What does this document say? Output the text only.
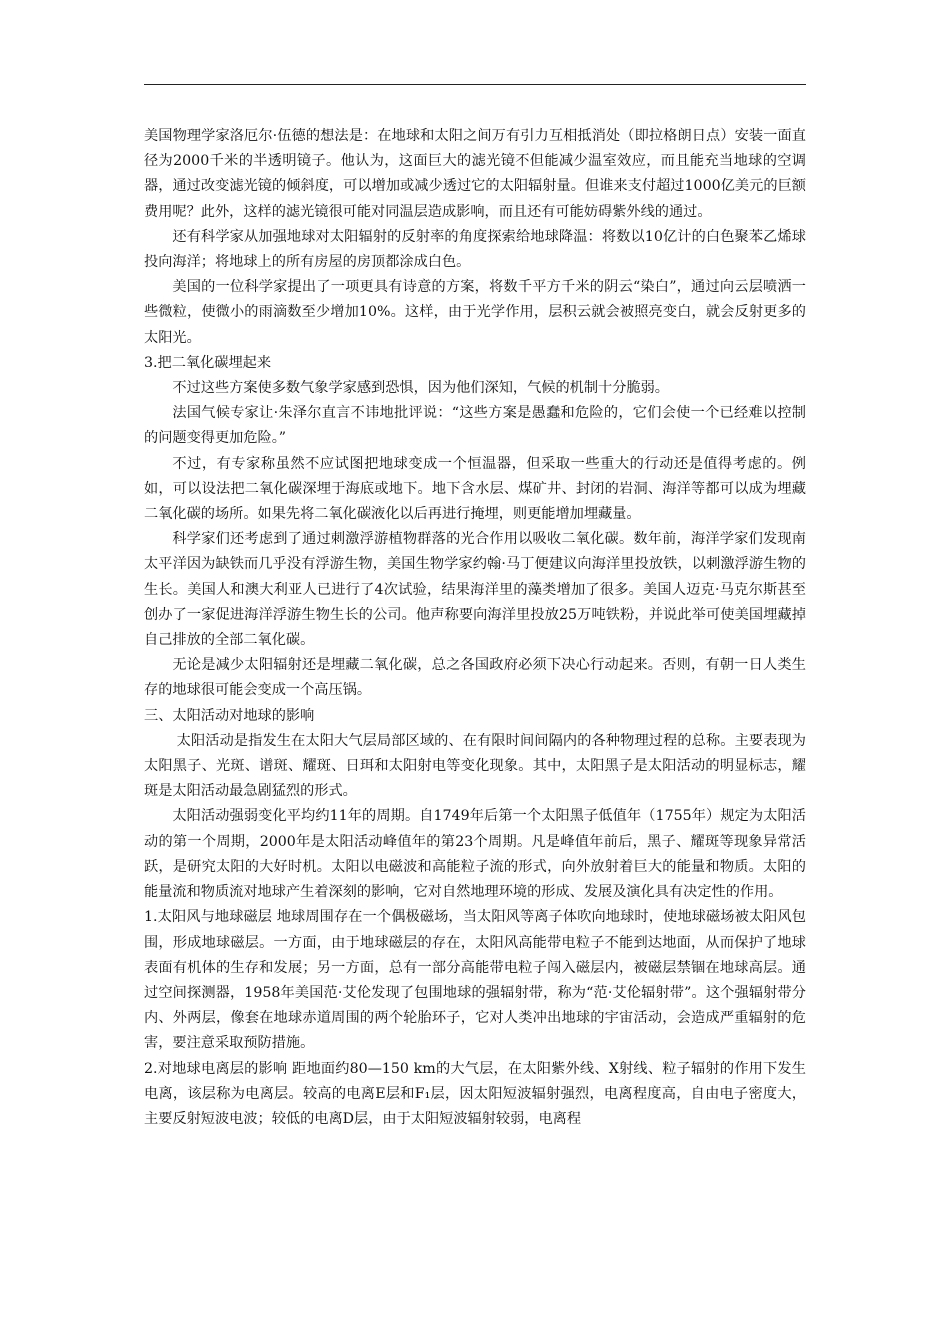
美国物理学家洛厄尔·伍德的想法是：在地球和太阳之间万有引力互相抵消处（即拉格朗日点）安装一面直径为2000千米的半透明镜子。他认为，这面巨大的滤光镜不但能减少温室效应，而且能充当地球的空调器，通过改变滤光镜的倾斜度，可以增加或减少透过它的太阳辐射量。但谁来支付超过1000亿美元的巨额费用呢？此外，这样的滤光镜很可能对同温层造成影响，而且还有可能妨碍紫外线的通过。

还有科学家从加强地球对太阳辐射的反射率的角度探索给地球降温：将数以10亿计的白色聚苯乙烯球投向海洋；将地球上的所有房屋的房顶都涂成白色。

美国的一位科学家提出了一项更具有诗意的方案，将数千平方千米的阴云“染白”，通过向云层喷洒一些微粒，使微小的雨滴数至少增加10%。这样，由于光学作用，层积云就会被照亮变白，就会反射更多的太阳光。

3.把二氧化碳埋起来

不过这些方案使多数气象学家感到恐惧，因为他们深知，气候的机制十分脆弱。

法国气候专家让·朱泽尔直言不讳地批评说：“这些方案是愚蠢和危险的，它们会使一个已经难以控制的问题变得更加危险。”

不过，有专家称虽然不应试图把地球变成一个恒温器，但采取一些重大的行动还是值得考虑的。例如，可以设法把二氧化碳深埋于海底或地下。地下含水层、煤矿井、封闭的岩洞、海洋等都可以成为埋藏二氧化碳的场所。如果先将二氧化碳液化以后再进行掩埋，则更能增加埋藏量。

科学家们还考虑到了通过刺激浮游植物群落的光合作用以吸收二氧化碳。数年前，海洋学家们发现南太平洋因为缺铁而几乎没有浮游生物，美国生物学家约翰·马丁便建议向海洋里投放铁，以刺激浮游生物的生长。美国人和澳大利亚人已进行了4次试验，结果海洋里的藻类增加了很多。美国人迈克·马克尔斯甚至创办了一家促进海洋浮游生物生长的公司。他声称要向海洋里投放25万吨铁粉，并说此举可使美国埋藏掉自己排放的全部二氧化碳。

无论是减少太阳辐射还是埋藏二氧化碳，总之各国政府必须下决心行动起来。否则，有朝一日人类生存的地球很可能会变成一个高压锅。

三、太阳活动对地球的影响

太阳活动是指发生在太阳大气层局部区域的、在有限时间间隔内的各种物理过程的总称。主要表现为太阳黑子、光斑、谱斑、耀斑、日珥和太阳射电等变化现象。其中，太阳黑子是太阳活动的明显标志，耀斑是太阳活动最急剧猛烈的形式。

太阳活动强弱变化平均约11年的周期。自1749年后第一个太阳黑子低值年（1755年）规定为太阳活动的第一个周期，2000年是太阳活动峰值年的第23个周期。凡是峰值年前后，黑子、耀斑等现象异常活跃，是研究太阳的大好时机。太阳以电磁波和高能粒子流的形式，向外放射着巨大的能量和物质。太阳的能量流和物质流对地球产生着深刻的影响，它对自然地理环境的形成、发展及演化具有决定性的作用。

1.太阳风与地球磁层 地球周围存在一个偶极磁场，当太阳风等离子体吹向地球时，使地球磁场被太阳风包围，形成地球磁层。一方面，由于地球磁层的存在，太阳风高能带电粒子不能到达地面，从而保护了地球表面有机体的生存和发展；另一方面，总有一部分高能带电粒子闯入磁层内，被磁层禁锢在地球高层。通过空间探测器，1958年美国范·艾伦发现了包围地球的强辐射带，称为“范·艾伦辐射带”。这个强辐射带分内、外两层，像套在地球赤道周围的两个轮胎环子，它对人类冲出地球的宇宙活动，会造成严重辐射的危害，要注意采取预防措施。

2.对地球电离层的影响 距地面约80—150 km的大气层，在太阳紫外线、X射线、粒子辐射的作用下发生电离，该层称为电离层。较高的电离E层和F₁层，因太阳短波辐射强烈，电离程度高，自由电子密度大，主要反射短波电波；较低的电离D层，由于太阳短波辐射较弱，电离程
